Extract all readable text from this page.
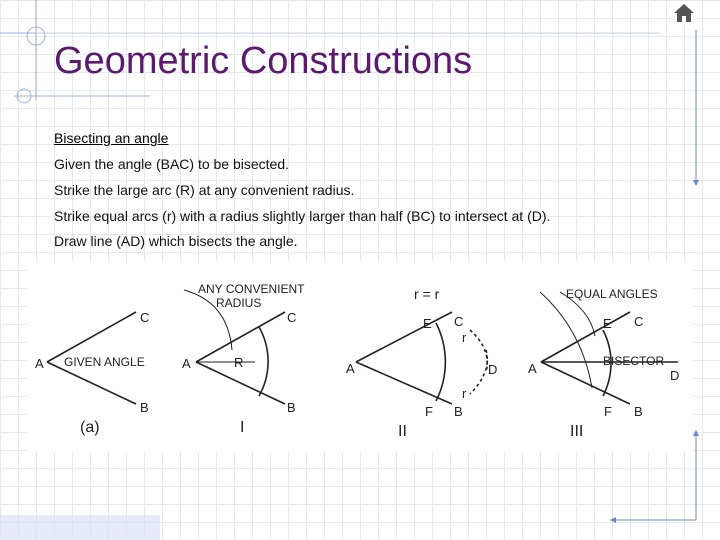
Geometric Constructions
Bisecting an angle
Given the angle (BAC) to be bisected.
Strike the large arc (R) at any convenient radius.
Strike equal arcs (r) with a radius slightly larger than half (BC) to intersect at (D).
Draw line (AD) which bisects the angle.
A
C
B
GIVEN ANGLE
(a)
ANY CONVENIENT
RADIUS
A	R
C
B
I
r = r
A
E C
r
D
r
F B
II
EQUAL ANGLES
A
E C
BISECTOR
D
F B
III
